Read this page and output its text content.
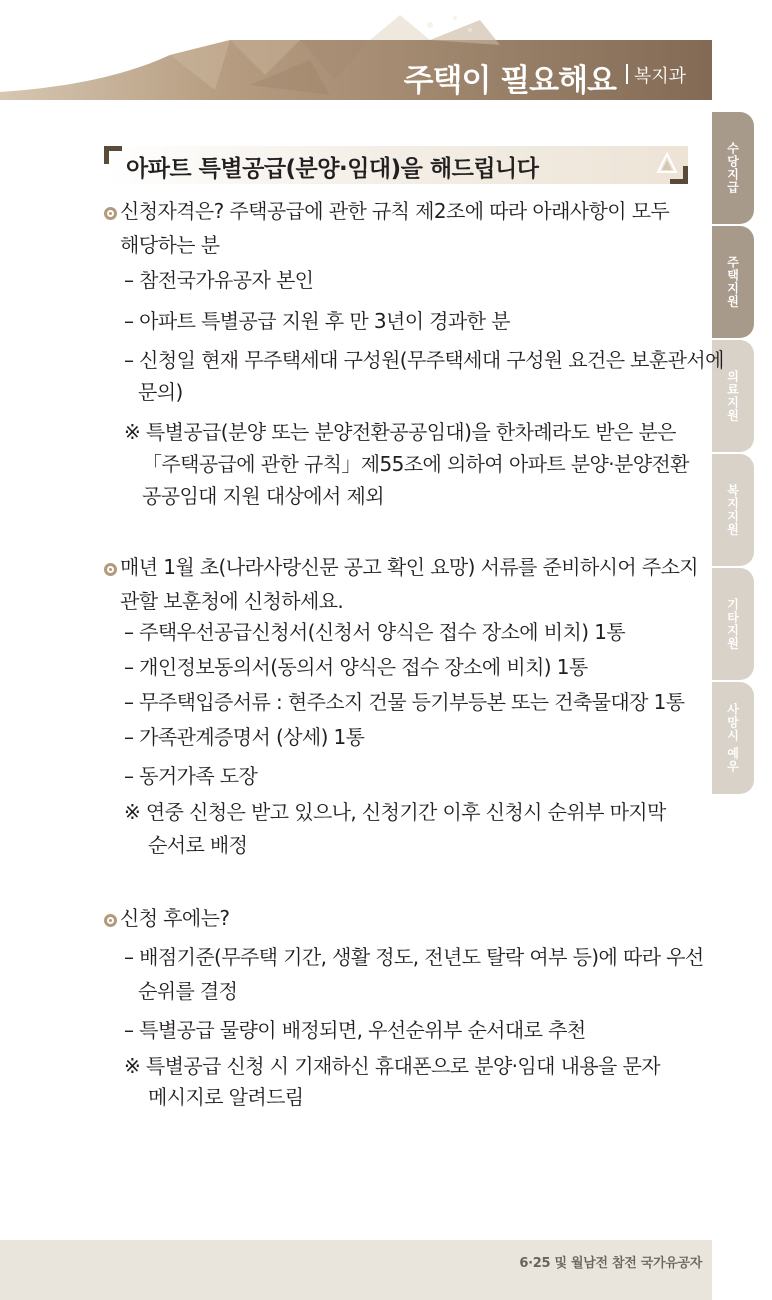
주택이 필요해요 복지과
수당지급
주택지원
의료지원
복지지원
기타지원
사망시 예우
아파트 특별공급(분양·임대)을 해드립니다
신청자격은? 주택공급에 관한 규칙 제2조에 따라 아래사항이 모두
해당하는 분
– 참전국가유공자 본인
– 아파트 특별공급 지원 후 만 3년이 경과한 분
– 신청일 현재 무주택세대 구성원(무주택세대 구성원 요건은 보훈관서에
문의)
※ 특별공급(분양 또는 분양전환공공임대)을 한차례라도 받은 분은
「주택공급에 관한 규칙」제55조에 의하여 아파트 분양·분양전환
공공임대 지원 대상에서 제외
매년 1월 초(나라사랑신문 공고 확인 요망) 서류를 준비하시어 주소지
관할 보훈청에 신청하세요.
– 주택우선공급신청서(신청서 양식은 접수 장소에 비치) 1통
– 개인정보동의서(동의서 양식은 접수 장소에 비치) 1통
– 무주택입증서류 : 현주소지 건물 등기부등본 또는 건축물대장 1통
– 가족관계증명서 (상세) 1통
– 동거가족 도장
※ 연중 신청은 받고 있으나, 신청기간 이후 신청시 순위부 마지막
순서로 배정
신청 후에는?
– 배점기준(무주택 기간, 생활 정도, 전년도 탈락 여부 등)에 따라 우선
순위를 결정
– 특별공급 물량이 배정되면, 우선순위부 순서대로 추천
※ 특별공급 신청 시 기재하신 휴대폰으로 분양·임대 내용을 문자
메시지로 알려드림
6·25 및 월남전 참전 국가유공자
